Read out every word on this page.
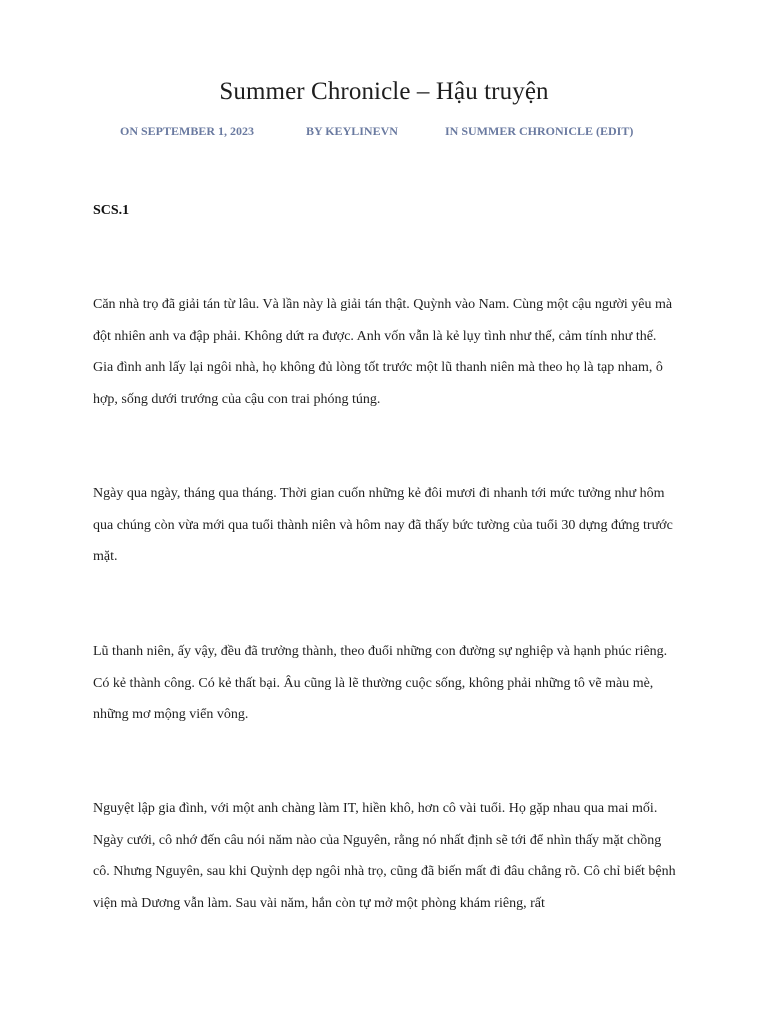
Summer Chronicle – Hậu truyện
ON SEPTEMBER 1, 2023	BY KEYLINEVN	IN SUMMER CHRONICLE (EDIT)
SCS.1

Căn nhà trọ đã giải tán từ lâu. Và lần này là giải tán thật. Quỳnh vào Nam. Cùng một cậu người yêu mà đột nhiên anh va đập phải. Không dứt ra được. Anh vốn vẫn là kẻ lụy tình như thế, cảm tính như thế. Gia đình anh lấy lại ngôi nhà, họ không đủ lòng tốt trước một lũ thanh niên mà theo họ là tạp nham, ô hợp, sống dưới trướng của cậu con trai phóng túng.

Ngày qua ngày, tháng qua tháng. Thời gian cuốn những kẻ đôi mươi đi nhanh tới mức tưởng như hôm qua chúng còn vừa mới qua tuổi thành niên và hôm nay đã thấy bức tường của tuổi 30 dựng đứng trước mặt.

Lũ thanh niên, ấy vậy, đều đã trưởng thành, theo đuổi những con đường sự nghiệp và hạnh phúc riêng. Có kẻ thành công. Có kẻ thất bại. Âu cũng là lẽ thường cuộc sống, không phải những tô vẽ màu mè, những mơ mộng viển vông.

Nguyệt lập gia đình, với một anh chàng làm IT, hiền khô, hơn cô vài tuổi. Họ gặp nhau qua mai mối. Ngày cưới, cô nhớ đến câu nói năm nào của Nguyên, rằng nó nhất định sẽ tới để nhìn thấy mặt chồng cô. Nhưng Nguyên, sau khi Quỳnh dẹp ngôi nhà trọ, cũng đã biến mất đi đâu chẳng rõ. Cô chỉ biết bệnh viện mà Dương vẫn làm. Sau vài năm, hắn còn tự mở một phòng khám riêng, rất
